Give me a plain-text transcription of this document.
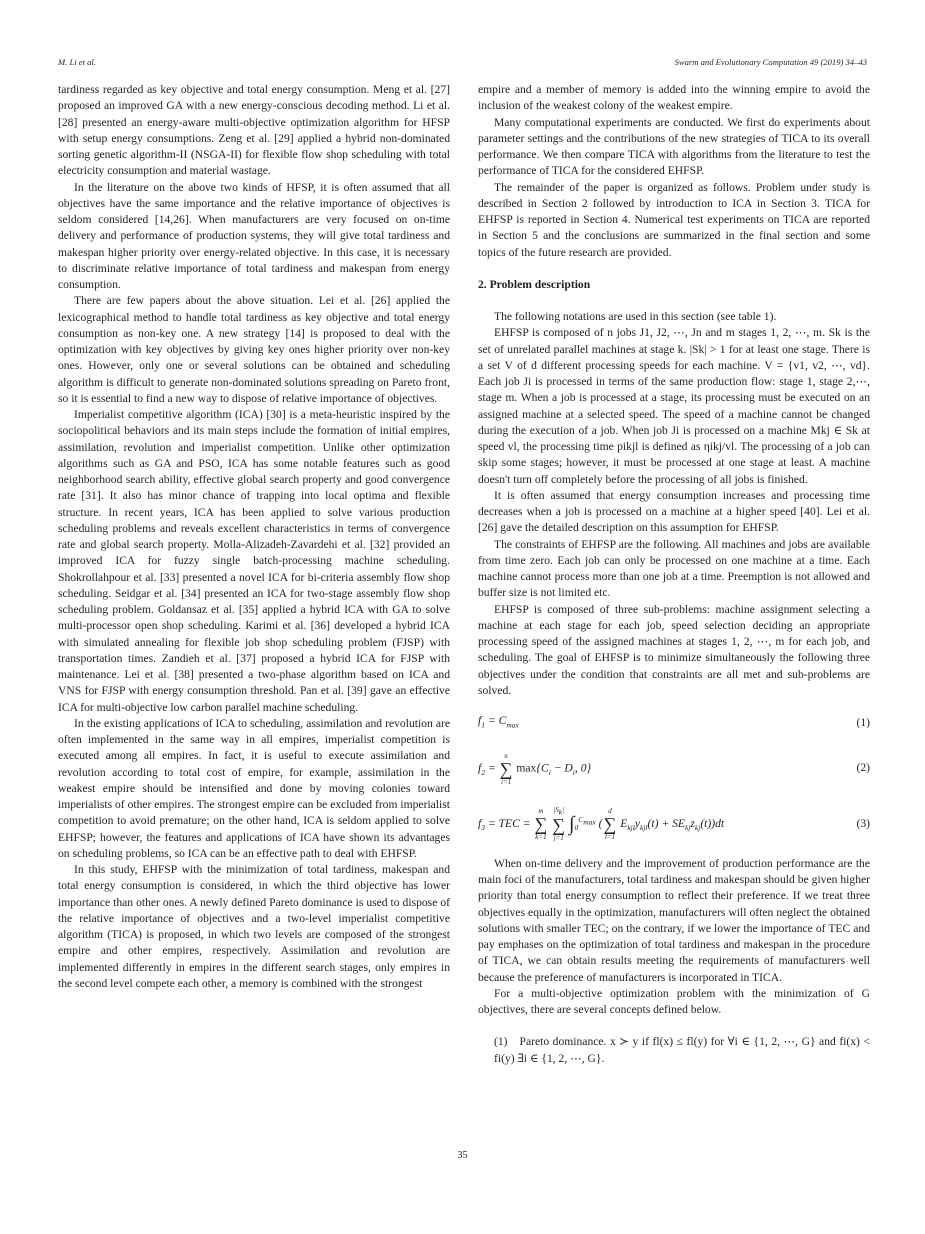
M. Li et al.	Swarm and Evolutionary Computation 49 (2019) 34–43

tardiness regarded as key objective and total energy consumption. Meng et al. [27] proposed an improved GA with a new energy-conscious decoding method. Li et al. [28] presented an energy-aware multi-objective optimization algorithm for HFSP with setup energy consumptions. Zeng et al. [29] applied a hybrid non-dominated sorting genetic algorithm-II (NSGA-II) for flexible flow shop scheduling with total electricity consumption and material wastage.

In the literature on the above two kinds of HFSP, it is often assumed that all objectives have the same importance and the relative importance of objectives is seldom considered [14,26]. When manufacturers are very focused on on-time delivery and performance of production systems, they will give total tardiness and makespan higher priority over energy-related objective. In this case, it is necessary to discriminate relative importance of total tardiness and makespan from energy consumption.

There are few papers about the above situation. Lei et al. [26] applied the lexicographical method to handle total tardiness as key objective and total energy consumption as non-key one. A new strategy [14] is proposed to deal with the optimization with key objectives by giving key ones higher priority over non-key ones. However, only one or several solutions can be obtained and scheduling algorithm is difficult to generate non-dominated solutions spreading on Pareto front, so it is essential to find a new way to dispose of relative importance of objectives.

Imperialist competitive algorithm (ICA) [30] is a meta-heuristic inspired by the sociopolitical behaviors and its main steps include the formation of initial empires, assimilation, revolution and imperialist competition. Unlike other optimization algorithms such as GA and PSO, ICA has some notable features such as good neighborhood search ability, effective global search property and good convergence rate [31]. It also has minor chance of trapping into local optima and flexible structure. In recent years, ICA has been applied to solve various production scheduling problems and reveals excellent characteristics in terms of convergence rate and global search property. Molla-Alizadeh-Zavardehi et al. [32] provided an improved ICA for fuzzy single batch-processing machine scheduling. Shokrollahpour et al. [33] presented a novel ICA for bi-criteria assembly flow shop scheduling. Seidgar et al. [34] presented an ICA for two-stage assembly flow shop scheduling problem. Goldansaz et al. [35] applied a hybrid ICA with GA to solve multi-processor open shop scheduling. Karimi et al. [36] developed a hybrid ICA with simulated annealing for flexible job shop scheduling problem (FJSP) with transportation times. Zandieh et al. [37] proposed a hybrid ICA for FJSP with maintenance. Lei et al. [38] presented a two-phase algorithm based on ICA and VNS for FJSP with energy consumption threshold. Pan et al. [39] gave an effective ICA for multi-objective low carbon parallel machine scheduling.

In the existing applications of ICA to scheduling, assimilation and revolution are often implemented in the same way in all empires, imperialist competition is executed among all empires. In fact, it is useful to execute assimilation and revolution according to total cost of empire, for example, assimilation in the weakest empire should be intensified and done by moving colonies toward imperialists of other empires. The strongest empire can be excluded from imperialist competition to avoid premature; on the other hand, ICA is seldom applied to solve EHFSP; however, the features and applications of ICA have shown its advantages on scheduling problems, so ICA can be an effective path to deal with EHFSP.

In this study, EHFSP with the minimization of total tardiness, makespan and total energy consumption is considered, in which the third objective has lower importance than other ones. A newly defined Pareto dominance is used to dispose of the relative importance of objectives and a two-level imperialist competitive algorithm (TICA) is proposed, in which two levels are composed of the strongest empire and other empires, respectively. Assimilation and revolution are implemented differently in empires in the different search stages, only empires in the second level compete each other, a memory is combined with the strongest

empire and a member of memory is added into the winning empire to avoid the inclusion of the weakest colony of the weakest empire.

Many computational experiments are conducted. We first do experiments about parameter settings and the contributions of the new strategies of TICA to its overall performance. We then compare TICA with algorithms from the literature to test the performance of TICA for the considered EHFSP.

The remainder of the paper is organized as follows. Problem under study is described in Section 2 followed by introduction to ICA in Section 3. TICA for EHFSP is reported in Section 4. Numerical test experiments on TICA are reported in Section 5 and the conclusions are summarized in the final section and some topics of the future research are provided.

2. Problem description

The following notations are used in this section (see table 1).

EHFSP is composed of n jobs J1, J2, ⋯, Jn and m stages 1, 2, ⋯, m. Sk is the set of unrelated parallel machines at stage k. |Sk| > 1 for at least one stage. There is a set V of d different processing speeds for each machine. V = {v1, v2, ⋯, vd}. Each job Ji is processed in terms of the same production flow: stage 1, stage 2,⋯, stage m. When a job is processed at a stage, its processing must be executed on an assigned machine at a selected speed. The speed of a machine cannot be changed during the execution of a job. When job Ji is processed on a machine Mkj ∈ Sk at speed vl, the processing time pikjl is defined as ηikj/vl. The processing of a job can skip some stages; however, it must be processed at one stage at least. A machine doesn't turn off completely before the processing of all jobs is finished.

It is often assumed that energy consumption increases and processing time decreases when a job is processed on a machine at a higher speed [40]. Lei et al. [26] gave the detailed description on this assumption for EHFSP.

The constraints of EHFSP are the following. All machines and jobs are available from time zero. Each job can only be processed on one machine at a time. Each machine cannot process more than one job at a time. Preemption is not allowed and buffer size is not limited etc.

EHFSP is composed of three sub-problems: machine assignment selecting a machine at each stage for each job, speed selection deciding an appropriate processing speed of the assigned machines at stages 1, 2, ⋯, m for each job, and scheduling. The goal of EHFSP is to minimize simultaneously the following three objectives under the condition that constraints are all met and sub-problems are solved.

$f_1 = C_{max}$	(1)
$f_2$ =
n
∑
i=1
$\max\{C_i - D_i$, 0}	(2)
$f_3$ = TEC =
m
∑
k=1

$|S_k|$
∑
j=1
$\int_0^{C_{max}}$ (
d
∑
l=1
$E_{kjl}y_{kjl}(t) + SE_{kj}z_{kj}(t))dt$	(3)

When on-time delivery and the improvement of production performance are the main foci of the manufacturers, total tardiness and makespan should be given higher priority than total energy consumption to reflect their preference. If we treat three objectives equally in the optimization, manufacturers will often neglect the obtained solutions with smaller TEC; on the contrary, if we lower the importance of TEC and pay emphases on the optimization of total tardiness and makespan in the procedure of TICA, we can obtain results meeting the requirements of manufacturers well because the preference of manufacturers is incorporated in TICA.

For a multi-objective optimization problem with the minimization of G objectives, there are several concepts defined below.

(1) Pareto dominance. x ≻ y if fl(x) ≤ fl(y) for ∀i ∈ {1, 2, ⋯, G} and fi(x) < fi(y) ∃i ∈ {1, 2, ⋯, G}.
35
